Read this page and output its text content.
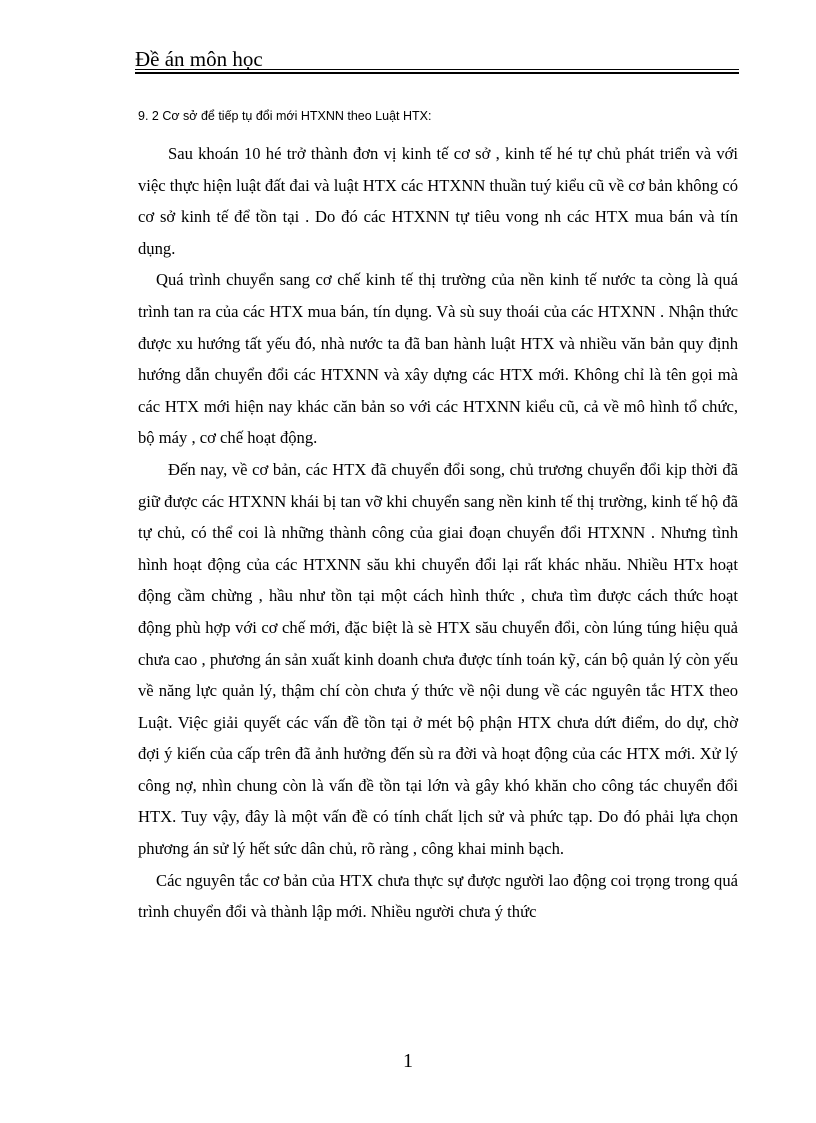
Đề án môn học
9. 2 Cơ sở để tiếp tụ đổi mới HTXNN theo Luật HTX:

Sau khoán 10 hé trở thành đơn vị kinh tế cơ sở , kinh tế hé tự chủ phát triển và với việc thực hiện luật đất đai và luật HTX các HTXNN thuần tuý kiểu cũ về cơ bản không có cơ sở kinh tế để tồn tại . Do đó các HTXNN tự tiêu vong nh các HTX mua bán và tín dụng.

Quá trình chuyển sang cơ chế kinh tế thị trường của nền kinh tế nước ta còng là quá trình tan ra của các HTX mua bán, tín dụng. Và sù suy thoái của các HTXNN . Nhận thức được xu hướng tất yếu đó, nhà nước ta đã ban hành luật HTX và nhiều văn bản quy định hướng dẫn chuyển đổi các HTXNN và xây dựng các HTX mới. Không chỉ là tên gọi mà các HTX mới hiện nay khác căn bản so với các HTXNN kiểu cũ, cả về mô hình tổ chức, bộ máy , cơ chế hoạt động.

Đến nay, về cơ bản, các HTX đã chuyển đổi song, chủ trương chuyển đổi kịp thời đã giữ được các HTXNN khái bị tan vỡ khi chuyển sang nền kinh tế thị trường, kinh tế hộ đã tự chủ, có thể coi là những thành công của giai đoạn chuyển đổi HTXNN . Nhưng tình hình hoạt động của các HTXNN său khi chuyển đổi lại rất khác nhău. Nhiều HTx hoạt động cầm chừng , hầu như tồn tại một cách hình thức , chưa tìm được cách thức hoạt động phù hợp với cơ chế mới, đặc biệt là sè HTX său chuyển đổi, còn lúng túng hiệu quả chưa cao , phương án sản xuất kinh doanh chưa được tính toán kỹ, cán bộ quản lý còn yếu về năng lực quản lý, thậm chí còn chưa ý thức về nội dung về các nguyên tắc HTX theo Luật. Việc giải quyết các vấn đề tồn tại ở mét bộ phận HTX chưa dứt điểm, do dự, chờ đợi ý kiến của cấp trên đã ảnh hưởng đến sù ra đời và hoạt động của các HTX mới. Xử lý công nợ, nhìn chung còn là vấn đề tồn tại lớn và gây khó khăn cho công tác chuyển đổi HTX. Tuy vậy, đây là một vấn đề có tính chất lịch sử và phức tạp. Do đó phải lựa chọn phương án sử lý hết sức dân chủ, rõ ràng , công khai minh bạch.

Các nguyên tắc cơ bản của HTX chưa thực sự được người lao động coi trọng trong quá trình chuyển đổi và thành lập mới. Nhiều người chưa ý thức

1
